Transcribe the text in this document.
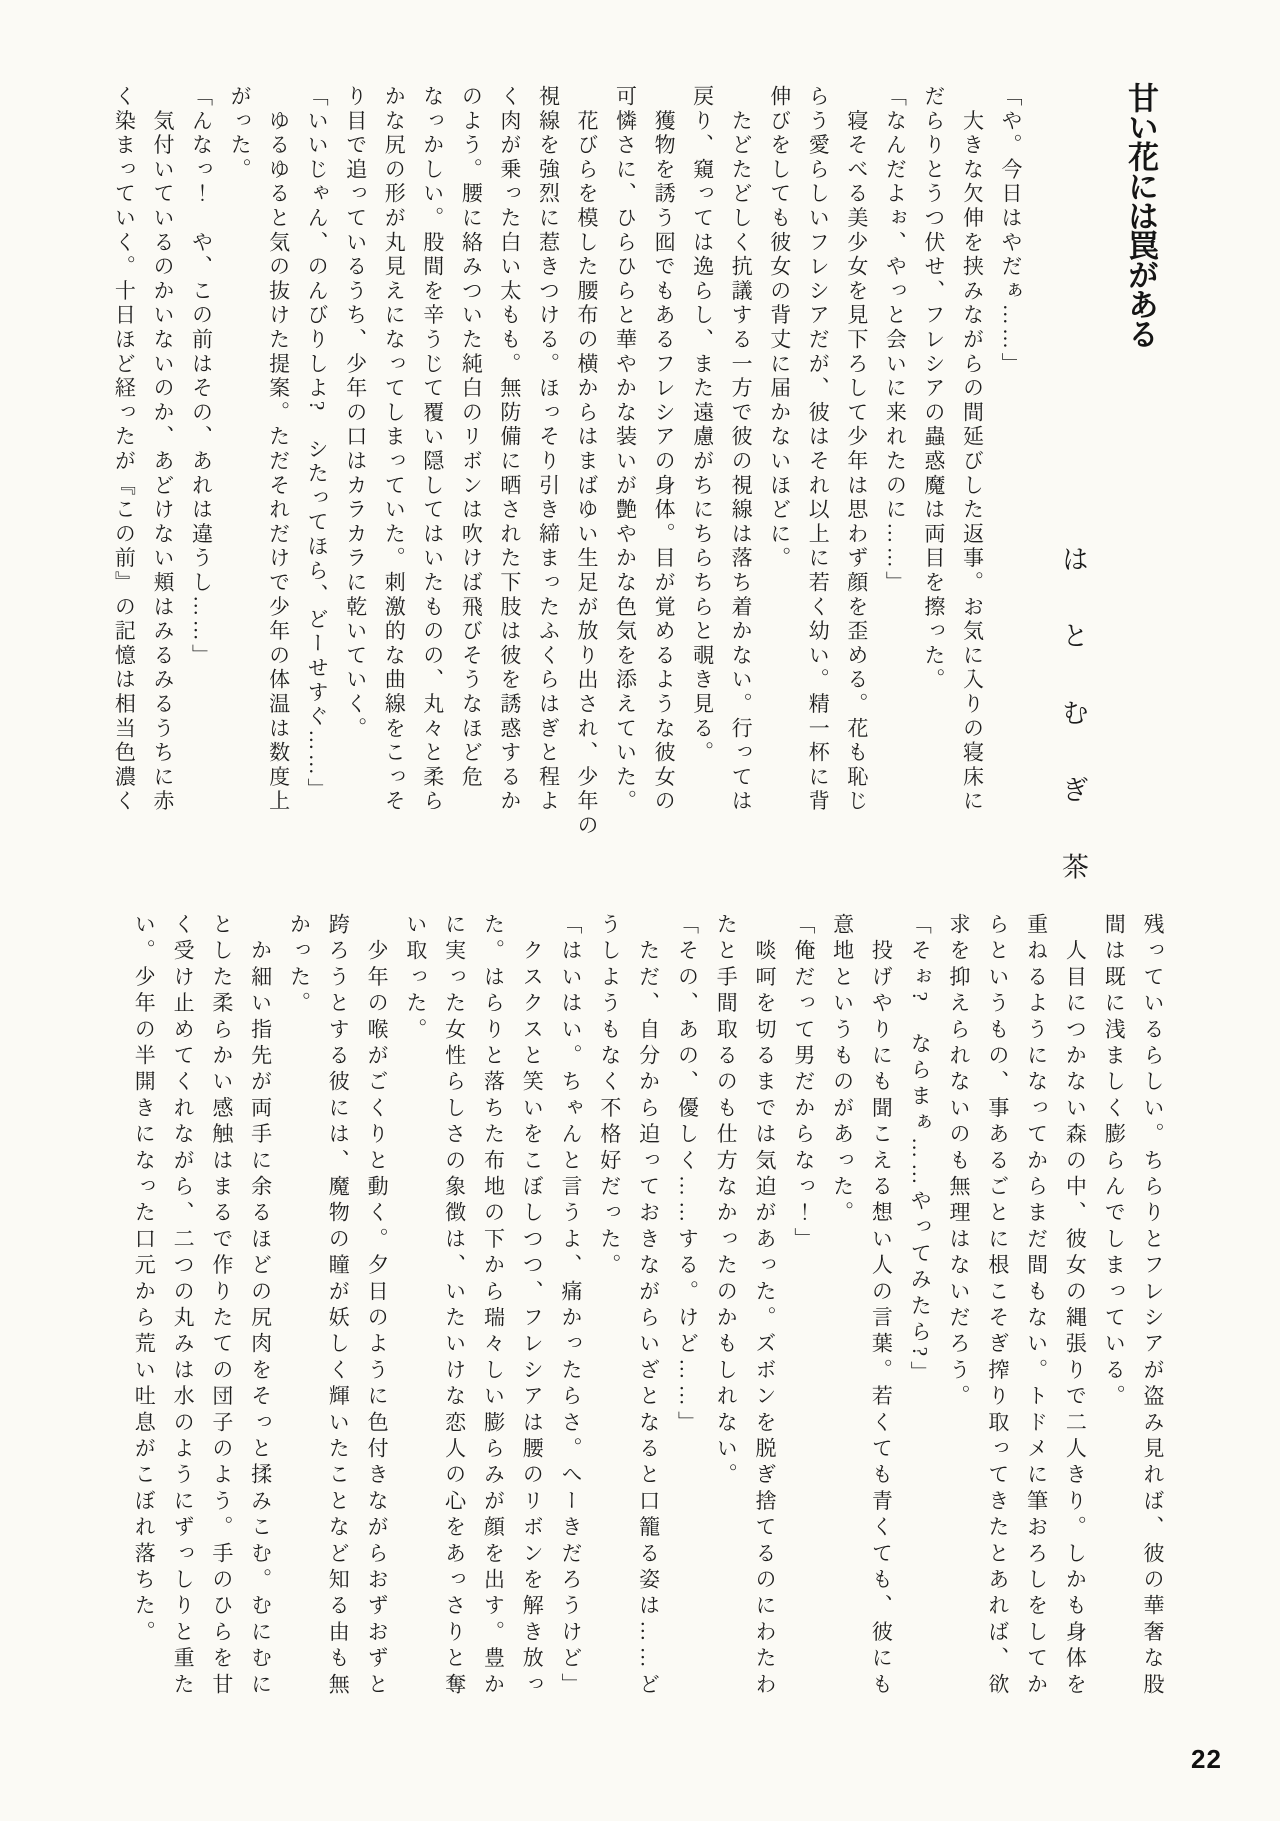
甘い花には罠がある
はとむぎ茶
「や。今日はやだぁ……」
　大きな欠伸を挟みながらの間延びした返事。お気に入りの寝床に
だらりとうつ伏せ、フレシアの蟲惑魔は両目を擦った。
「なんだよぉ、やっと会いに来れたのに……」
　寝そべる美少女を見下ろして少年は思わず顔を歪める。花も恥じ
らう愛らしいフレシアだが、彼はそれ以上に若く幼い。精一杯に背
伸びをしても彼女の背丈に届かないほどに。
　たどたどしく抗議する一方で彼の視線は落ち着かない。行っては
戻り、窺っては逸らし、また遠慮がちにちらちらと覗き見る。
　獲物を誘う囮でもあるフレシアの身体。目が覚めるような彼女の
可憐さに、ひらひらと華やかな装いが艶やかな色気を添えていた。
　花びらを模した腰布の横からはまばゆい生足が放り出され、少年の
視線を強烈に惹きつける。ほっそり引き締まったふくらはぎと程よ
く肉が乗った白い太もも。無防備に晒された下肢は彼を誘惑するか
のよう。腰に絡みついた純白のリボンは吹けば飛びそうなほど危
なっかしい。股間を辛うじて覆い隠してはいたものの、丸々と柔ら
かな尻の形が丸見えになってしまっていた。刺激的な曲線をこっそ
り目で追っているうち、少年の口はカラカラに乾いていく。
「いいじゃん、のんびりしよ?　シたってほら、どーせすぐ……」
　ゆるゆると気の抜けた提案。ただそれだけで少年の体温は数度上
がった。
「んなっ！　や、この前はその、あれは違うし……」
　気付いているのかいないのか、あどけない頬はみるみるうちに赤
く染まっていく。十日ほど経ったが『この前』の記憶は相当色濃く
残っているらしい。ちらりとフレシアが盗み見れば、彼の華奢な股
間は既に浅ましく膨らんでしまっている。
　人目につかない森の中、彼女の縄張りで二人きり。しかも身体を
重ねるようになってからまだ間もない。トドメに筆おろしをしてか
らというもの、事あるごとに根こそぎ搾り取ってきたとあれば、欲
求を抑えられないのも無理はないだろう。
「そぉ?　ならまぁ……やってみたら?」
　投げやりにも聞こえる想い人の言葉。若くても青くても、彼にも
意地というものがあった。
「俺だって男だからなっ！」
　啖呵を切るまでは気迫があった。ズボンを脱ぎ捨てるのにわたわ
たと手間取るのも仕方なかったのかもしれない。
「その、あの、優しく……する。けど……」
　ただ、自分から迫っておきながらいざとなると口籠る姿は……ど
うしようもなく不格好だった。
「はいはい。ちゃんと言うよ、痛かったらさ。へーきだろうけど」
　クスクスと笑いをこぼしつつ、フレシアは腰のリボンを解き放っ
た。はらりと落ちた布地の下から瑞々しい膨らみが顔を出す。豊か
に実った女性らしさの象徴は、いたいけな恋人の心をあっさりと奪
い取った。
　少年の喉がごくりと動く。夕日のように色付きながらおずおずと
跨ろうとする彼には、魔物の瞳が妖しく輝いたことなど知る由も無
かった。
　か細い指先が両手に余るほどの尻肉をそっと揉みこむ。むにむに
とした柔らかい感触はまるで作りたての団子のよう。手のひらを甘
く受け止めてくれながら、二つの丸みは水のようにずっしりと重た
い。少年の半開きになった口元から荒い吐息がこぼれ落ちた。
22
